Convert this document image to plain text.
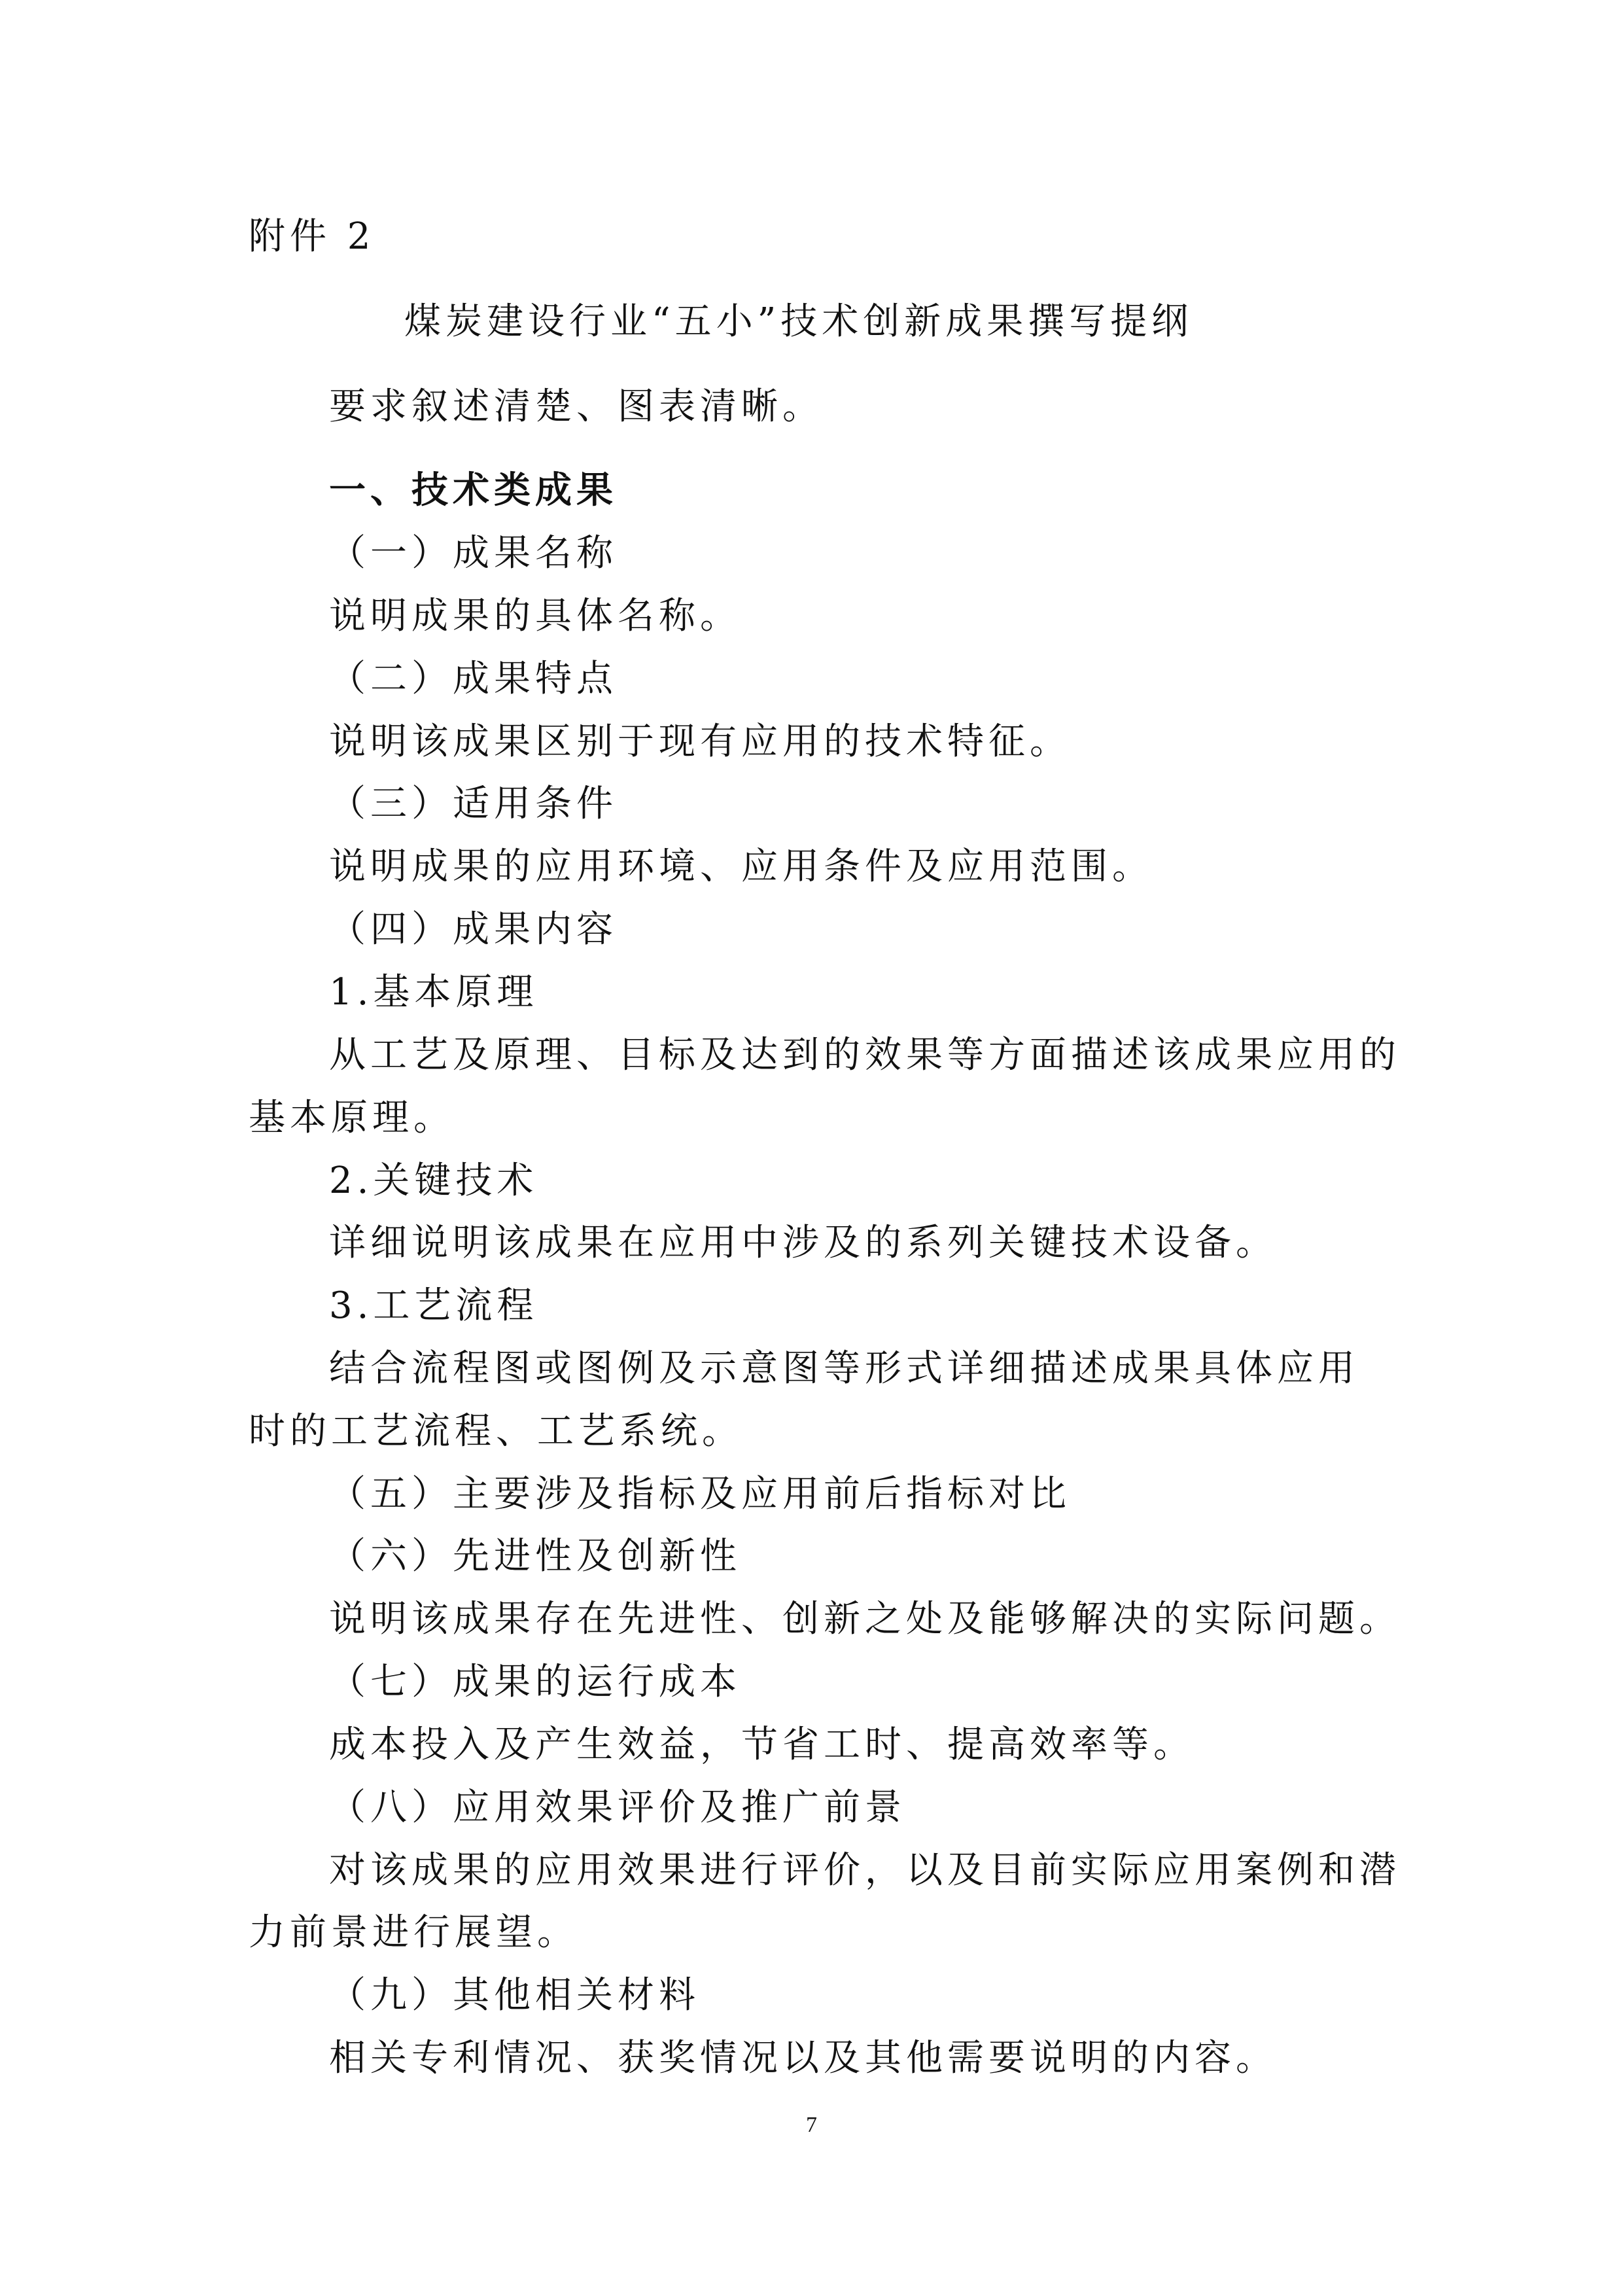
附件 2
煤炭建设行业“五小”技术创新成果撰写提纲
要求叙述清楚、图表清晰。
一、技术类成果
（一）成果名称
说明成果的具体名称。
（二）成果特点
说明该成果区别于现有应用的技术特征。
（三）适用条件
说明成果的应用环境、应用条件及应用范围。
（四）成果内容
1.基本原理
从工艺及原理、目标及达到的效果等方面描述该成果应用的
基本原理。
2.关键技术
详细说明该成果在应用中涉及的系列关键技术设备。
3.工艺流程
结合流程图或图例及示意图等形式详细描述成果具体应用
时的工艺流程、工艺系统。
（五）主要涉及指标及应用前后指标对比
（六）先进性及创新性
说明该成果存在先进性、创新之处及能够解决的实际问题。
（七）成果的运行成本
成本投入及产生效益，节省工时、提高效率等。
（八）应用效果评价及推广前景
对该成果的应用效果进行评价，以及目前实际应用案例和潜
力前景进行展望。
（九）其他相关材料
相关专利情况、获奖情况以及其他需要说明的内容。
7
